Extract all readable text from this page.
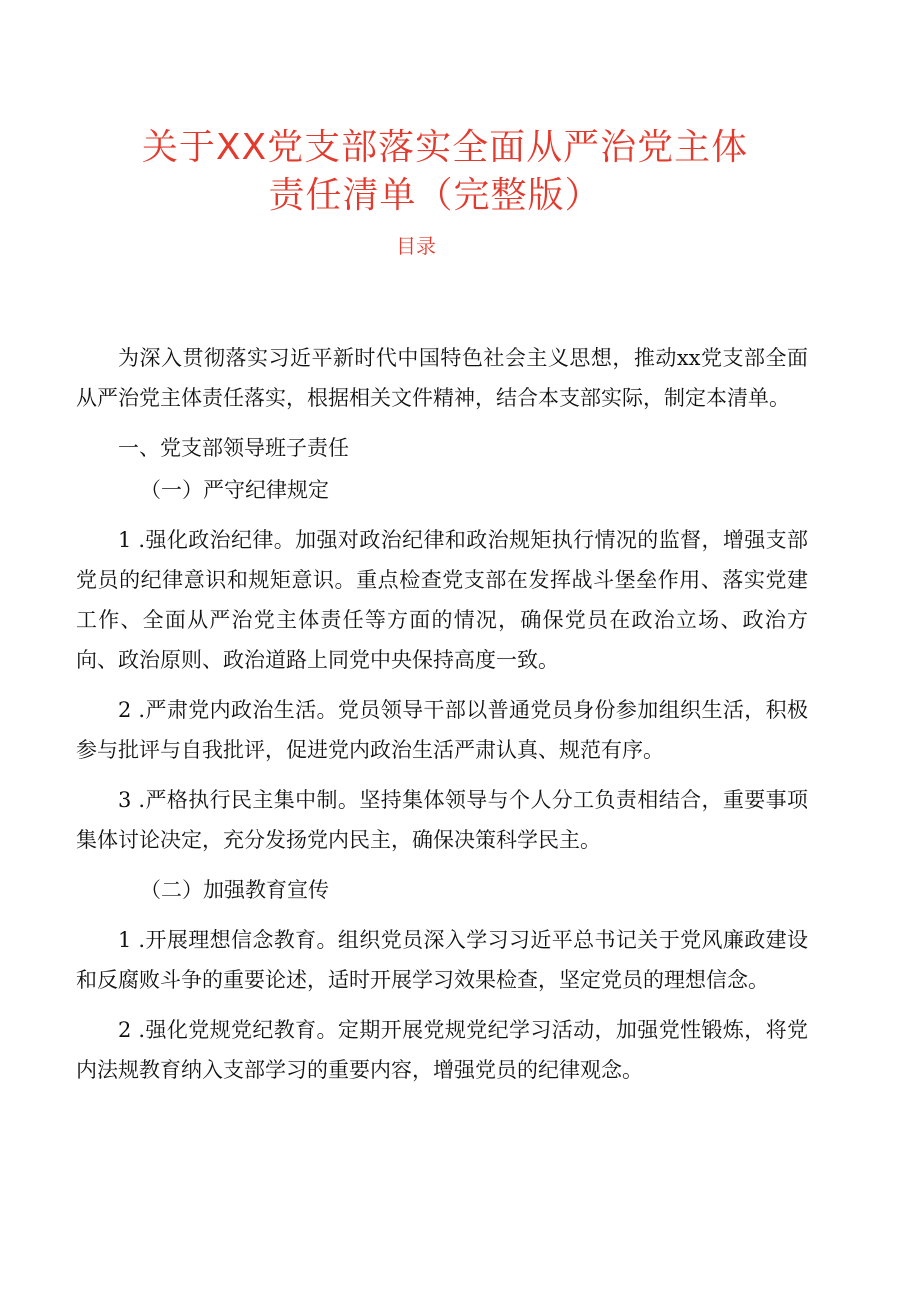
关于XX党支部落实全面从严治党主体
责任清单（完整版）
目录

为深入贯彻落实习近平新时代中国特色社会主义思想，推动xx党支部全面从严治党主体责任落实，根据相关文件精神，结合本支部实际，制定本清单。

一、党支部领导班子责任

（一）严守纪律规定

1 .强化政治纪律。加强对政治纪律和政治规矩执行情况的监督，增强支部党员的纪律意识和规矩意识。重点检查党支部在发挥战斗堡垒作用、落实党建工作、全面从严治党主体责任等方面的情况，确保党员在政治立场、政治方向、政治原则、政治道路上同党中央保持高度一致。

2 .严肃党内政治生活。党员领导干部以普通党员身份参加组织生活，积极参与批评与自我批评，促进党内政治生活严肃认真、规范有序。

3 .严格执行民主集中制。坚持集体领导与个人分工负责相结合，重要事项集体讨论决定，充分发扬党内民主，确保决策科学民主。

（二）加强教育宣传

1 .开展理想信念教育。组织党员深入学习习近平总书记关于党风廉政建设和反腐败斗争的重要论述，适时开展学习效果检查，坚定党员的理想信念。

2 .强化党规党纪教育。定期开展党规党纪学习活动，加强党性锻炼，将党内法规教育纳入支部学习的重要内容，增强党员的纪律观念。
